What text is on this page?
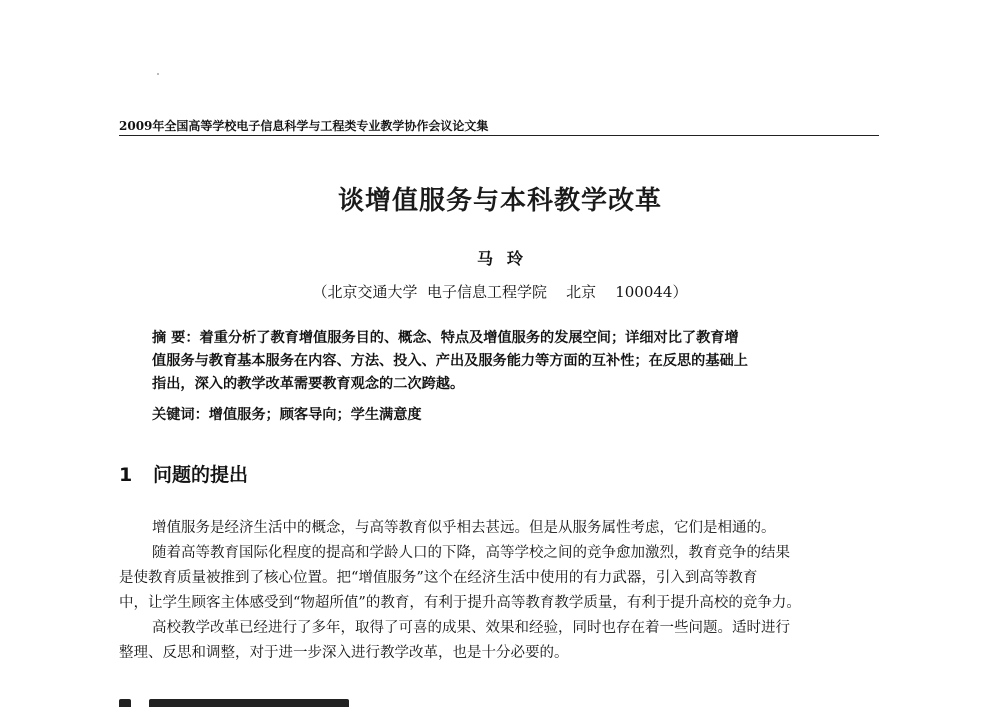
2009年全国高等学校电子信息科学与工程类专业教学协作会议论文集
谈增值服务与本科教学改革
马玲
（北京交通大学  电子信息工程学院    北京    100044）
摘 要：着重分析了教育增值服务目的、概念、特点及增值服务的发展空间；详细对比了教育增
值服务与教育基本服务在内容、方法、投入、产出及服务能力等方面的互补性；在反思的基础上
指出，深入的教学改革需要教育观念的二次跨越。
关键词：增值服务；顾客导向；学生满意度
1 问题的提出
增值服务是经济生活中的概念，与高等教育似乎相去甚远。但是从服务属性考虑，它们是相通的。
随着高等教育国际化程度的提高和学龄人口的下降，高等学校之间的竞争愈加激烈，教育竞争的结果
是使教育质量被推到了核心位置。把“增值服务”这个在经济生活中使用的有力武器，引入到高等教育
中，让学生顾客主体感受到“物超所值”的教育，有利于提升高等教育教学质量，有利于提升高校的竞争力。
高校教学改革已经进行了多年，取得了可喜的成果、效果和经验，同时也存在着一些问题。适时进行
整理、反思和调整，对于进一步深入进行教学改革，也是十分必要的。
